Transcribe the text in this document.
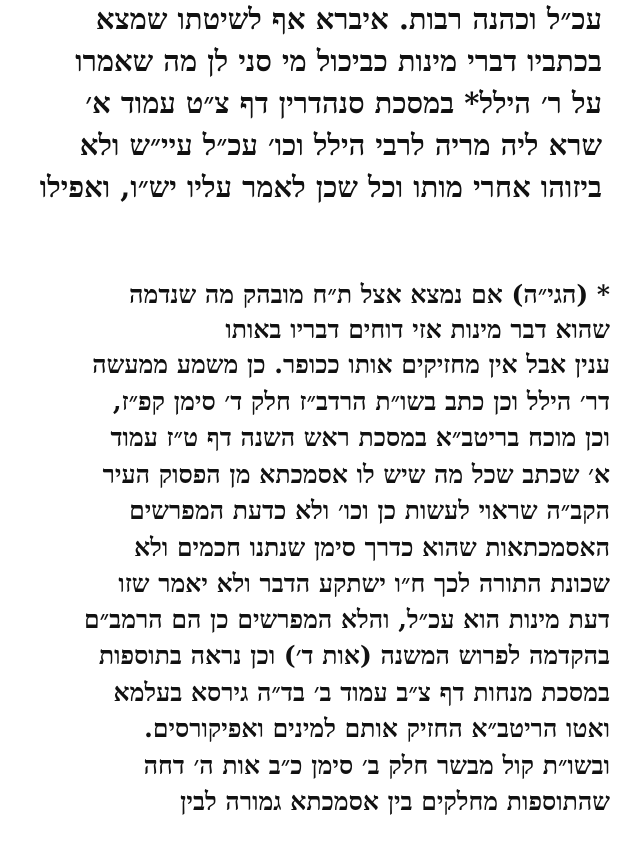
עכ״ל וכהנה רבות. איברא אף לשיטתו שמצא
בכתביו דברי מינות כביכול מי סני לן מה שאמרו
על ר׳ הילל* במסכת סנהדרין דף צ״ט עמוד א׳
שרא ליה מריה לרבי הילל וכו׳ עכ״ל עיי״ש ולא
ביזוהו אחרי מותו וכל שכן לאמר עליו יש״ו, ואפילו
* (הגי״ה) אם נמצא אצל ת״ח מובהק מה שנדמה
שהוא דבר מינות אזי דוחים דבריו באותו
ענין אבל אין מחזיקים אותו ככופר. כן משמע ממעשה
דר׳ הילל וכן כתב בשו״ת הרדב״ז חלק ד׳ סימן קפ״ז,
וכן מוכח בריטב״א במסכת ראש השנה דף ט״ז עמוד
א׳ שכתב שכל מה שיש לו אסמכתא מן הפסוק העיר
הקב״ה שראוי לעשות כן וכו׳ ולא כדעת המפרשים
האסמכתאות שהוא כדרך סימן שנתנו חכמים ולא
שכונת התורה לכך ח״ו ישתקע הדבר ולא יאמר שזו
דעת מינות הוא עכ״ל, והלא המפרשים כן הם הרמב״ם
בהקדמה לפרוש המשנה (אות ד׳) וכן נראה בתוספות
במסכת מנחות דף צ״ב עמוד ב׳ בד״ה גירסא בעלמא
ואטו הריטב״א החזיק אותם למינים ואפיקורסים.
ובשו״ת קול מבשר חלק ב׳ סימן כ״ב אות ה׳ דחה
שהתוספות מחלקים בין אסמכתא גמורה לבין
